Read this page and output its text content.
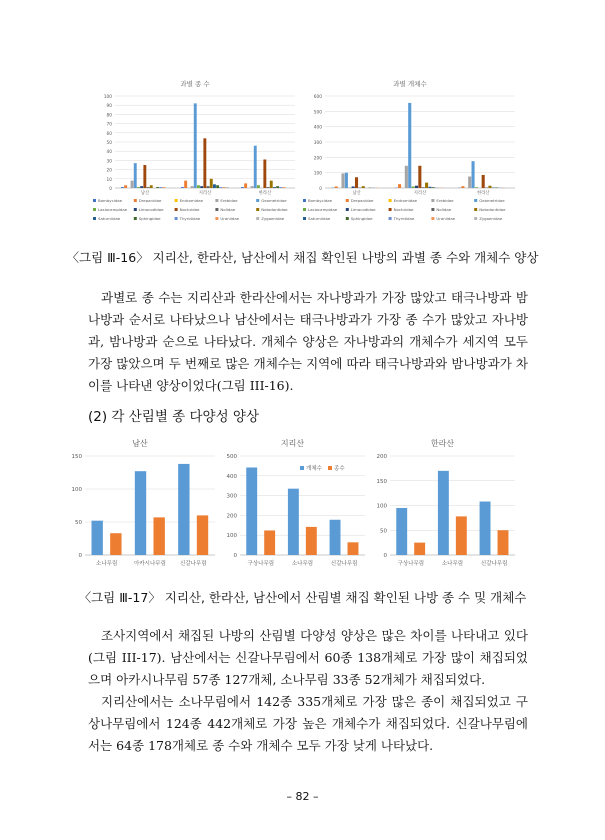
과별 종 수
0
10
20
30
40
50
60
70
80
90
100
남산	지리산	한라산
Bombycidae	Drepanidae	Endromidae	Erebidae	Geometridae
Lasiocampidae	Limacodidae	Noctuidae	Nolidae	Notodontidae
Saturniidae	Sphingidae	Thyrididae	Uraniidae	Zygaenidae
과별 개체수
0
100
200
300
400
500
600
남산	지리산	한라산
Bombycidae	Drepanidae	Endromidae	Erebidae	Geometridae
Lasiocampidae	Limacodidae	Noctuidae	Nolidae	Notodontidae
Saturniidae	Sphingidae	Thyrididae	Uraniidae	Zygaenidae
〈그림 Ⅲ-16〉 지리산, 한라산, 남산에서 채집 확인된 나방의 과별 종 수와 개체수 양상

과별로 종 수는 지리산과 한라산에서는 자나방과가 가장 많았고 태극나방과 밤나방과 순서로 나타났으나 남산에서는 태극나방과가 가장 종 수가 많았고 자나방과, 밤나방과 순으로 나타났다. 개체수 양상은 자나방과의 개체수가 세지역 모두 가장 많았으며 두 번째로 많은 개체수는 지역에 따라 태극나방과와 밤나방과가 차이를 나타낸 양상이었다(그림 III-16).

(2) 각 산림별 종 다양성 양상
남산
0
50
100
150
소나무림	아카시나무림	신갈나무림
지리산
0
100
200
300
400
500
구상나무림	소나무림	신갈나무림
개체수 종수
한라산
0
50
100
150
200
구상나무림	소나무림	신갈나무림
〈그림 Ⅲ-17〉 지리산, 한라산, 남산에서 산림별 채집 확인된 나방 종 수 및 개체수

조사지역에서 채집된 나방의 산림별 다양성 양상은 많은 차이를 나타내고 있다(그림 III-17). 남산에서는 신갈나무림에서 60종 138개체로 가장 많이 채집되었으며 아카시나무림 57종 127개체, 소나무림 33종 52개체가 채집되었다.

지리산에서는 소나무림에서 142종 335개체로 가장 많은 종이 채집되었고 구상나무림에서 124종 442개체로 가장 높은 개체수가 채집되었다. 신갈나무림에서는 64종 178개체로 종 수와 개체수 모두 가장 낮게 나타났다.

– 82 –
